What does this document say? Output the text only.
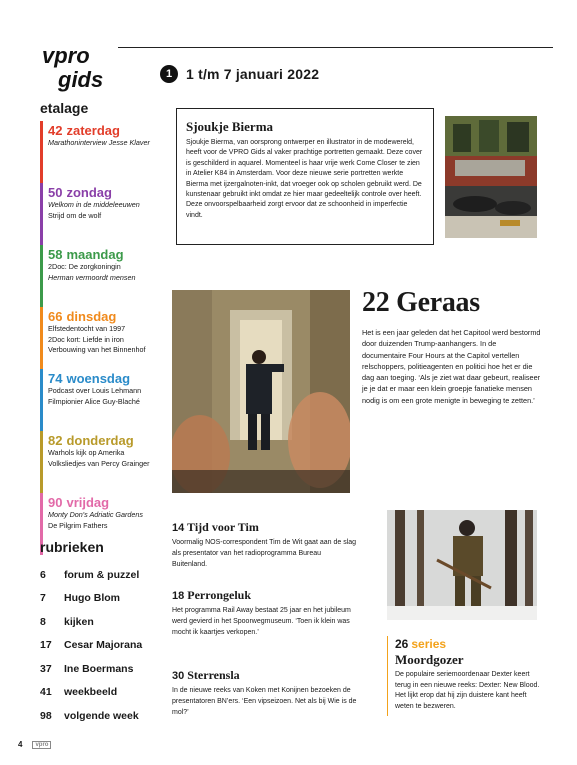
vpro
gids	1 1 t/m 7 januari 2022
etalage
42 zaterdag
Marathoninterview Jesse Klaver
50 zondag
Welkom in de middeleeuwen
Strijd om de wolf
58 maandag
2Doc: De zorgkoningin
Herman vermoordt mensen
66 dinsdag
Elfstedentocht van 1997
2Doc kort: Liefde in iron
Verbouwing van het Binnenhof
74 woensdag
Podcast over Louis Lehmann
Filmpionier Alice Guy-Blaché
82 donderdag
Warhols kijk op Amerika
Volksliedjes van Percy Grainger
90 vrijdag
Monty Don's Adriatic Gardens
De Pilgrim Fathers
rubrieken
6	forum & puzzel
7	Hugo Blom
8	kijken
17	Cesar Majorana
37	Ine Boermans
41	weekbeeld
98	volgende week
Sjoukje Bierma
Sjoukje Bierma, van oorsprong ontwerper en illustrator in de modewereld, heeft voor de VPRO Gids al vaker prachtige portretten gemaakt. Deze cover is geschilderd in aquarel. Momenteel is haar vrije werk Come Closer te zien in Atelier K84 in Amsterdam. Voor deze nieuwe serie portretten werkte Bierma met ijzergalnoten-inkt, dat vroeger ook op scholen gebruikt werd. De kunstenaar gebruikt inkt omdat ze hier maar gedeeltelijk controle over heeft. Deze onvoorspelbaarheid zorgt ervoor dat ze schoonheid in imperfectie vindt.
22 Geraas
Het is een jaar geleden dat het Capitool werd bestormd door duizenden Trump-aanhangers. In de documentaire Four Hours at the Capitol vertellen relschoppers, politieagenten en politici hoe het er die dag aan toeging. ‘Als je ziet wat daar gebeurt, realiseer je je dat er maar een klein groepje fanatieke mensen nodig is om een grote menigte in beweging te zetten.’
14 Tijd voor Tim
Voormalig NOS-correspondent Tim de Wit gaat aan de slag als presentator van het radioprogramma Bureau Buitenland.
18 Perrongeluk
Het programma Rail Away bestaat 25 jaar en het jubileum werd gevierd in het Spoorwegmuseum. ‘Toen ik klein was mocht ik kaartjes verkopen.’
30 Sterrensla
In de nieuwe reeks van Koken met Konijnen bezoeken de presentatoren BN’ers. ‘Een vipseizoen. Net als bij Wie is de mol?’
26 series
Moordgozer
De populaire seriemoordenaar Dexter keert terug in een nieuwe reeks: Dexter: New Blood. Het lijkt erop dat hij zijn duistere kant heeft weten te bezweren.
4	vpro
